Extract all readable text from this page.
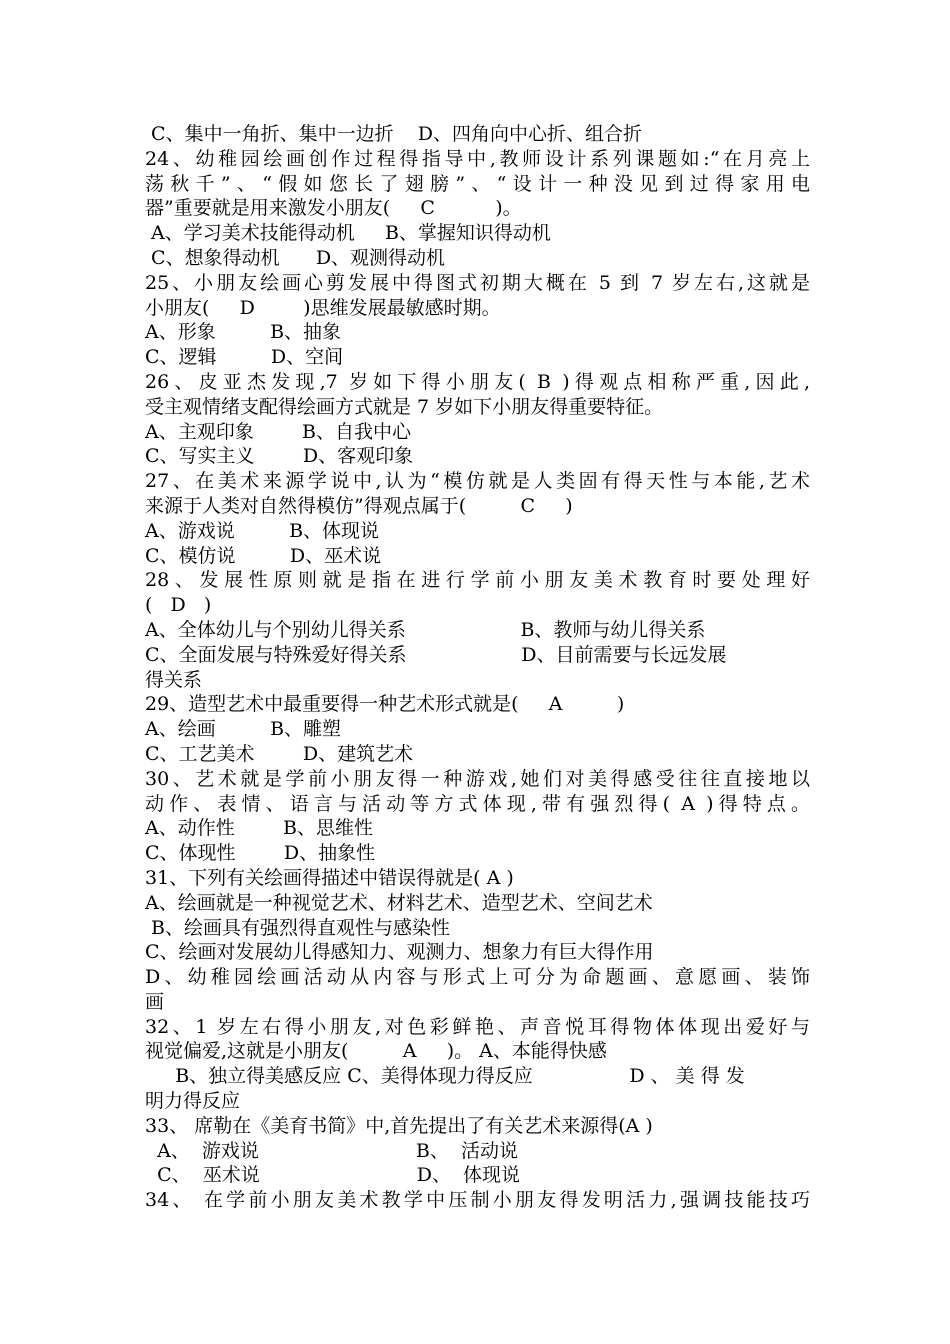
C、集中一角折、集中一边折    D、四角向中心折、组合折
24、幼稚园绘画创作过程得指导中,教师设计系列课题如:“在月亮上
荡秋千”、“假如您长了翅膀”、“设计一种没见到过得家用电
器”重要就是用来激发小朋友(     C          )。
A、学习美术技能得动机     B、掌握知识得动机
C、想象得动机      D、观测得动机
25、小朋友绘画心剪发展中得图式初期大概在 5 到 7 岁左右,这就是
小朋友(     D        )思维发展最敏感时期。
A、形象         B、抽象
C、逻辑         D、空间
26、皮亚杰发现,7 岁如下得小朋友( B )得观点相称严重,因此,
受主观情绪支配得绘画方式就是 7 岁如下小朋友得重要特征。
A、主观印象        B、自我中心
C、写实主义        D、客观印象
27、在美术来源学说中,认为“模仿就是人类固有得天性与本能,艺术
来源于人类对自然得模仿”得观点属于(         C     )
A、游戏说         B、体现说
C、模仿说         D、巫术说
28、发展性原则就是指在进行学前小朋友美术教育时要处理好
(   D   )
A、全体幼儿与个别幼儿得关系                   B、教师与幼儿得关系
C、全面发展与特殊爱好得关系                   D、目前需要与长远发展
得关系
29、造型艺术中最重要得一种艺术形式就是(     A         )
A、绘画         B、雕塑
C、工艺美术        D、建筑艺术
30、艺术就是学前小朋友得一种游戏,她们对美得感受往往直接地以
动作、表情、语言与活动等方式体现,带有强烈得( A )得特点。
A、动作性        B、思维性
C、体现性        D、抽象性
31、下列有关绘画得描述中错误得就是( A )
A、绘画就是一种视觉艺术、材料艺术、造型艺术、空间艺术
B、绘画具有强烈得直观性与感染性
C、绘画对发展幼儿得感知力、观测力、想象力有巨大得作用
D、幼稚园绘画活动从内容与形式上可分为命题画、意愿画、装饰
画
32、1 岁左右得小朋友,对色彩鲜艳、声音悦耳得物体体现出爱好与
视觉偏爱,这就是小朋友(         A     )。 A、本能得快感
B、独立得美感反应 C、美得体现力得反应                D 、 美 得 发
明力得反应
33、 席勒在《美育书简》中,首先提出了有关艺术来源得(A )
A、  游戏说                          B、  活动说
C、  巫术说                          D、  体现说
34、 在学前小朋友美术教学中压制小朋友得发明活力,强调技能技巧
